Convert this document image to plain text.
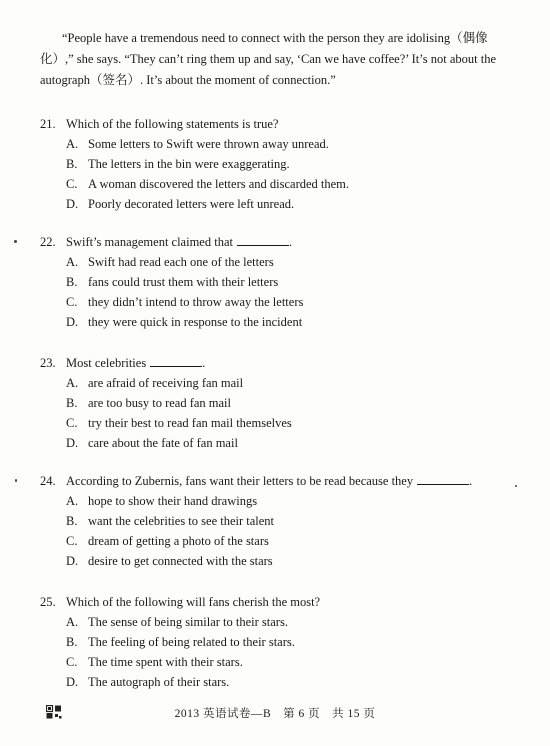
“People have a tremendous need to connect with the person they are idolising（偶像化）,” she says. “They can’t ring them up and say, ‘Can we have coffee?’ It’s not about the autograph（签名）. It’s about the moment of connection.”
21. Which of the following statements is true?
A. Some letters to Swift were thrown away unread.
B. The letters in the bin were exaggerating.
C. A woman discovered the letters and discarded them.
D. Poorly decorated letters were left unread.
22. Swift’s management claimed that	.
A. Swift had read each one of the letters
B. fans could trust them with their letters
C. they didn’t intend to throw away the letters
D. they were quick in response to the incident
23. Most celebrities	.
A. are afraid of receiving fan mail
B. are too busy to read fan mail
C. try their best to read fan mail themselves
D. care about the fate of fan mail
24. According to Zubernis, fans want their letters to be read because they	.
A. hope to show their hand drawings
B. want the celebrities to see their talent
C. dream of getting a photo of the stars
D. desire to get connected with the stars
25. Which of the following will fans cherish the most?
A. The sense of being similar to their stars.
B. The feeling of being related to their stars.
C. The time spent with their stars.
D. The autograph of their stars.
2013 英语试卷—B　第 6 页　共 15 页
